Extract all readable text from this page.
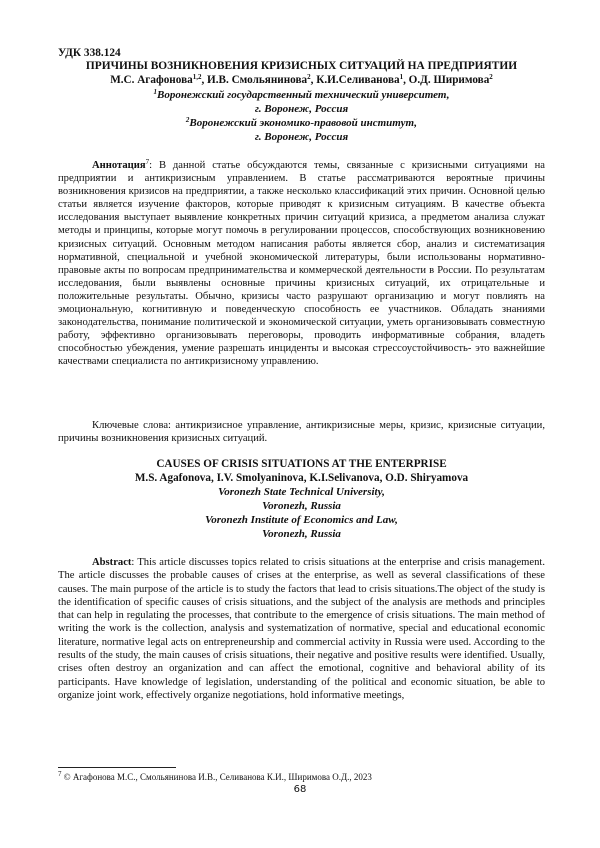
УДК 338.124
ПРИЧИНЫ ВОЗНИКНОВЕНИЯ КРИЗИСНЫХ СИТУАЦИЙ НА ПРЕДПРИЯТИИ
М.С. Агафонова$^{1,2}$, И.В. Смольянинова$^2$, К.И.Селиванова$^1$, О.Д. Ширимова$^2$
$^1$Воронежский государственный технический университет,
г. Воронеж, Россия
$^2$Воронежский экономико-правовой институт,
г. Воронеж, Россия
Аннотация$^7$: В данной статье обсуждаются темы, связанные с кризисными ситуациями на предприятии и антикризисным управлением. В статье рассматриваются вероятные причины возникновения кризисов на предприятии, а также несколько классификаций этих причин. Основной целью статьи является изучение факторов, которые приводят к кризисным ситуациям. В качестве объекта исследования выступает выявление конкретных причин ситуаций кризиса, а предметом анализа служат методы и принципы, которые могут помочь в регулировании процессов, способствующих возникновению кризисных ситуаций. Основным методом написания работы является сбор, анализ и систематизация нормативной, специальной и учебной экономической литературы, были использованы нормативно-правовые акты по вопросам предпринимательства и коммерческой деятельности в России. По результатам исследования, были выявлены основные причины кризисных ситуаций, их отрицательные и положительные результаты. Обычно, кризисы часто разрушают организацию и могут повлиять на эмоциональную, когнитивную и поведенческую способность ее участников. Обладать знаниями законодательства, понимание политической и экономической ситуации, уметь организовывать совместную работу, эффективно организовывать переговоры, проводить информативные собрания, владеть способностью убеждения, умение разрешать инциденты и высокая стрессоустойчивость- это важнейшие качествами специалиста по антикризисному управлению.
Ключевые слова: антикризисное управление, антикризисные меры, кризис, кризисные ситуации, причины возникновения кризисных ситуаций.
CAUSES OF CRISIS SITUATIONS AT THE ENTERPRISE
M.S. Agafonova, I.V. Smolyaninova, K.I.Selivanova, O.D. Shiryamova
Voronezh State Technical University,
Voronezh, Russia
Voronezh Institute of Economics and Law,
Voronezh, Russia
Abstract: This article discusses topics related to crisis situations at the enterprise and crisis management. The article discusses the probable causes of crises at the enterprise, as well as several classifications of these causes. The main purpose of the article is to study the factors that lead to crisis situations.The object of the study is the identification of specific causes of crisis situations, and the subject of the analysis are methods and principles that can help in regulating the processes, that contribute to the emergence of crisis situations. The main method of writing the work is the collection, analysis and systematization of normative, special and educational economic literature, normative legal acts on entrepreneurship and commercial activity in Russia were used. According to the results of the study, the main causes of crisis situations, their negative and positive results were identified. Usually, crises often destroy an organization and can affect the emotional, cognitive and behavioral ability of its participants. Have knowledge of legislation, understanding of the political and economic situation, be able to organize joint work, effectively organize negotiations, hold informative meetings,
$^7$ © Агафонова М.С., Смольянинова И.В., Селиванова К.И., Ширимова О.Д., 2023
68
